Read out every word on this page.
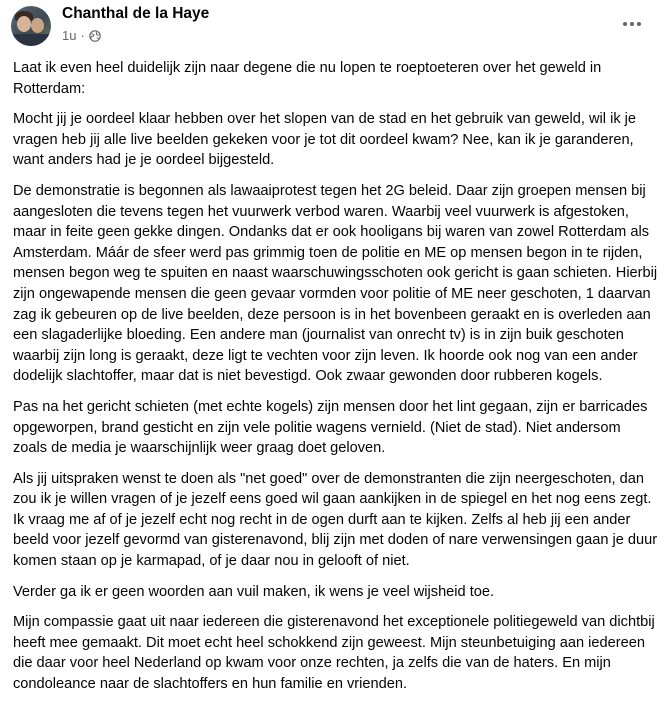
Chanthal de la Haye
1u ·

Laat ik even heel duidelijk zijn naar degene die nu lopen te roeptoeteren over het geweld in Rotterdam:

Mocht jij je oordeel klaar hebben over het slopen van de stad en het gebruik van geweld, wil ik je vragen heb jij alle live beelden gekeken voor je tot dit oordeel kwam? Nee, kan ik je garanderen, want anders had je je oordeel bijgesteld.

De demonstratie is begonnen als lawaaiprotest tegen het 2G beleid. Daar zijn groepen mensen bij aangesloten die tevens tegen het vuurwerk verbod waren. Waarbij veel vuurwerk is afgestoken, maar in feite geen gekke dingen. Ondanks dat er ook hooligans bij waren van zowel Rotterdam als Amsterdam. Máár de sfeer werd pas grimmig toen de politie en ME op mensen begon in te rijden, mensen begon weg te spuiten en naast waarschuwingsschoten ook gericht is gaan schieten. Hierbij zijn ongewapende mensen die geen gevaar vormden voor politie of ME neer geschoten, 1 daarvan zag ik gebeuren op de live beelden, deze persoon is in het bovenbeen geraakt en is overleden aan een slagaderlijke bloeding. Een andere man (journalist van onrecht tv) is in zijn buik geschoten waarbij zijn long is geraakt, deze ligt te vechten voor zijn leven. Ik hoorde ook nog van een ander dodelijk slachtoffer, maar dat is niet bevestigd. Ook zwaar gewonden door rubberen kogels.

Pas na het gericht schieten (met echte kogels) zijn mensen door het lint gegaan, zijn er barricades opgeworpen, brand gesticht en zijn vele politie wagens vernield. (Niet de stad). Niet andersom zoals de media je waarschijnlijk weer graag doet geloven.

Als jij uitspraken wenst te doen als "net goed" over de demonstranten die zijn neergeschoten, dan zou ik je willen vragen of je jezelf eens goed wil gaan aankijken in de spiegel en het nog eens zegt. Ik vraag me af of je jezelf echt nog recht in de ogen durft aan te kijken. Zelfs al heb jij een ander beeld voor jezelf gevormd van gisterenavond, blij zijn met doden of nare verwensingen gaan je duur komen staan op je karmapad, of je daar nou in gelooft of niet.

Verder ga ik er geen woorden aan vuil maken, ik wens je veel wijsheid toe.

Mijn compassie gaat uit naar iedereen die gisterenavond het exceptionele politiegeweld van dichtbij heeft mee gemaakt. Dit moet echt heel schokkend zijn geweest. Mijn steunbetuiging aan iedereen die daar voor heel Nederland op kwam voor onze rechten, ja zelfs die van de haters. En mijn condoleance naar de slachtoffers en hun familie en vrienden.
